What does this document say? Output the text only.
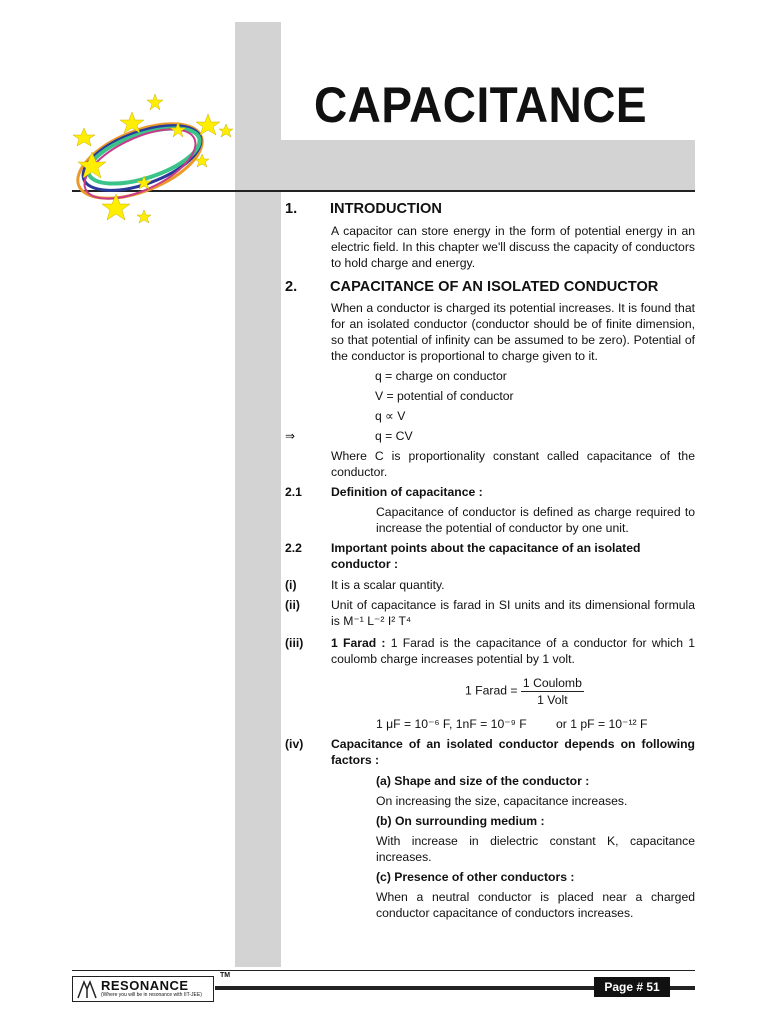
CAPACITANCE
1.	INTRODUCTION
A capacitor can store energy in the form of potential energy in an electric field. In this chapter we'll discuss the capacity of conductors to hold charge and energy.
2.	CAPACITANCE OF AN ISOLATED CONDUCTOR
When a conductor is charged its potential increases. It is found that for an isolated conductor (conductor should be of finite dimension, so that potential of infinity can be assumed to be zero). Potential of the conductor is proportional to charge given to it.
q = charge on conductor
V = potential of conductor
q ∝ V
⇒	q = CV
Where C is proportionality constant called capacitance of the conductor.
2.1	Definition of capacitance :
Capacitance of conductor is defined as charge required to increase the potential of conductor by one unit.
2.2	Important points about the capacitance of an isolated conductor :
(i)	It is a scalar quantity.
(ii)	Unit of capacitance is farad in SI units and its dimensional formula is M⁻¹ L⁻² I² T⁴
(iii)	1 Farad : 1 Farad is the capacitance of a conductor for which 1 coulomb charge increases potential by 1 volt.
1 Farad = $\frac{\text{1 Coulomb}}{\text{1 Volt}}$
1 μF = 10⁻⁶ F, 1nF = 10⁻⁹ F	or 1 pF = 10⁻¹² F
(iv)	Capacitance of an isolated conductor depends on following factors :
(a) Shape and size of the conductor :
On increasing the size, capacitance increases.
(b) On surrounding medium :
With increase in dielectric constant K, capacitance increases.
(c) Presence of other conductors :
When a neutral conductor is placed near a charged conductor capacitance of conductors increases.
RESONANCE
(Where you will be in resonance with IIT-JEE)
TM
Page # 51
